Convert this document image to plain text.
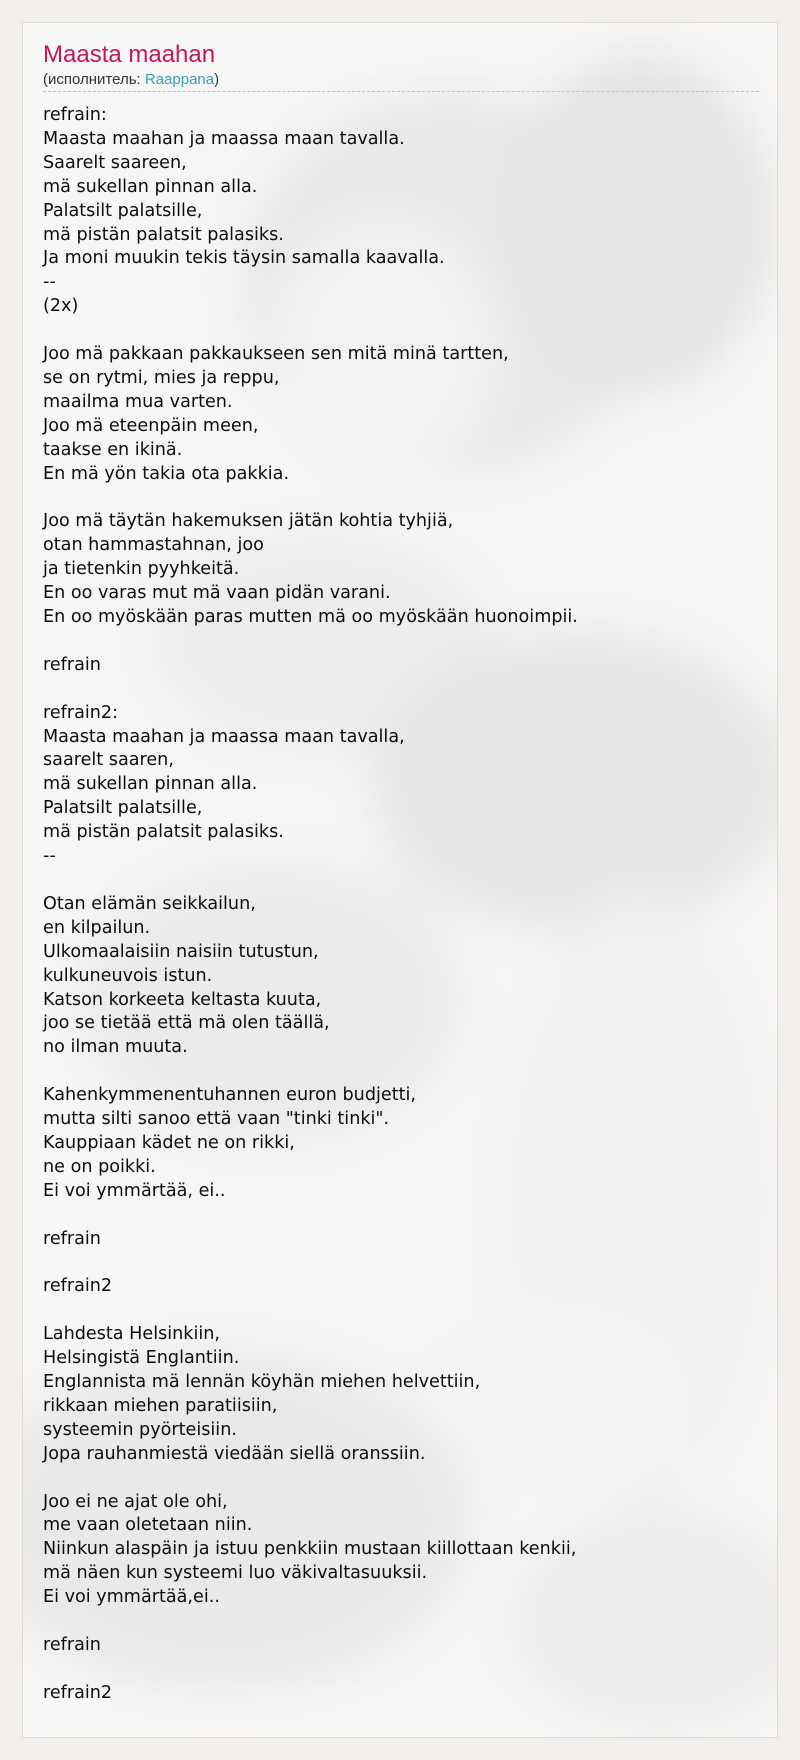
Maasta maahan
(исполнитель: Raappana)
refrain:
Maasta maahan ja maassa maan tavalla.
Saarelt saareen,
mä sukellan pinnan alla.
Palatsilt palatsille,
mä pistän palatsit palasiks.
Ja moni muukin tekis täysin samalla kaavalla.
--
(2x)

Joo mä pakkaan pakkaukseen sen mitä minä tartten,
se on rytmi, mies ja reppu,
maailma mua varten.
Joo mä eteenpäin meen,
taakse en ikinä.
En mä yön takia ota pakkia.

Joo mä täytän hakemuksen jätän kohtia tyhjiä,
otan hammastahnan, joo
ja tietenkin pyyhkeitä.
En oo varas mut mä vaan pidän varani.
En oo myöskään paras mutten mä oo myöskään huonoimpii.

refrain

refrain2:
Maasta maahan ja maassa maan tavalla,
saarelt saaren,
mä sukellan pinnan alla.
Palatsilt palatsille,
mä pistän palatsit palasiks.
--

Otan elämän seikkailun,
en kilpailun.
Ulkomaalaisiin naisiin tutustun,
kulkuneuvois istun.
Katson korkeeta keltasta kuuta,
joo se tietää että mä olen täällä,
no ilman muuta.

Kahenkymmenentuhannen euron budjetti,
mutta silti sanoo että vaan "tinki tinki".
Kauppiaan kädet ne on rikki,
ne on poikki.
Ei voi ymmärtää, ei..

refrain

refrain2

Lahdesta Helsinkiin,
Helsingistä Englantiin.
Englannista mä lennän köyhän miehen helvettiin,
rikkaan miehen paratiisiin,
systeemin pyörteisiin.
Jopa rauhanmiestä viedään siellä oranssiin.

Joo ei ne ajat ole ohi,
me vaan oletetaan niin.
Niinkun alaspäin ja istuu penkkiin mustaan kiillottaan kenkii,
mä näen kun systeemi luo väkivaltasuuksii.
Ei voi ymmärtää,ei..

refrain

refrain2
